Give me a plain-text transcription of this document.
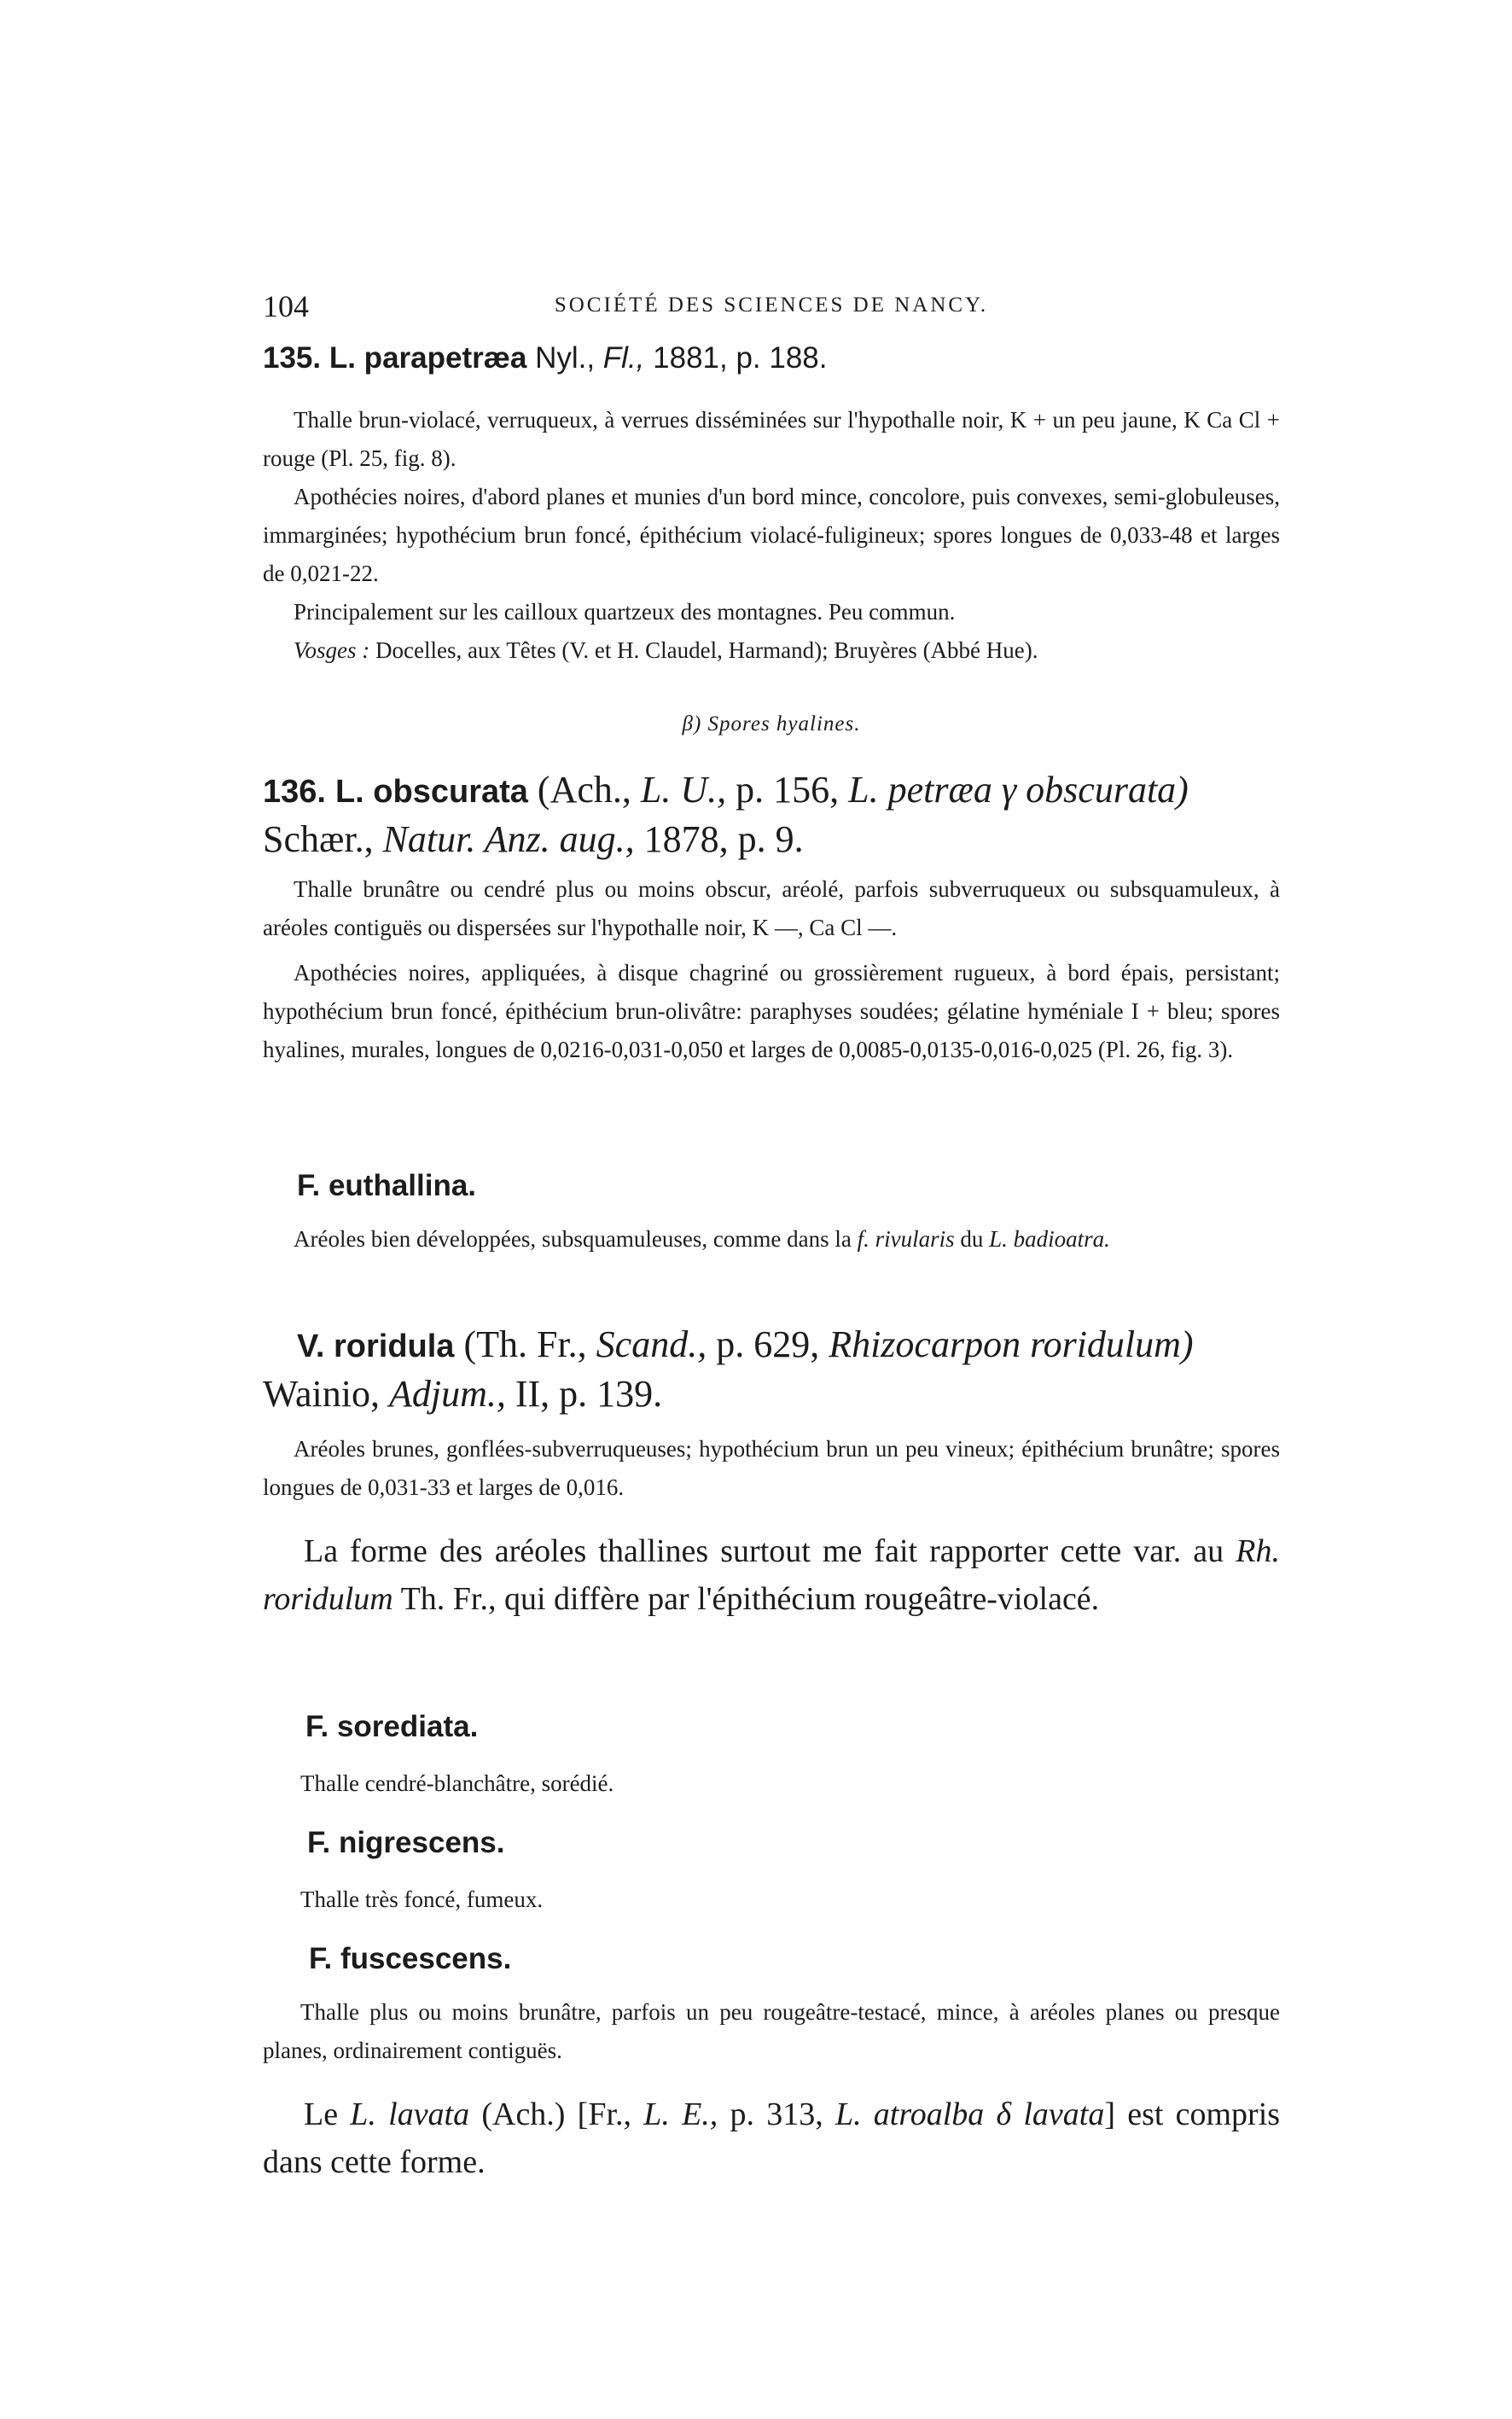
104	SOCIÉTÉ DES SCIENCES DE NANCY.
135. L. parapetræa Nyl., Fl., 1881, p. 188.

Thalle brun-violacé, verruqueux, à verrues disséminées sur l'hypothalle noir, K + un peu jaune, K Ca Cl + rouge (Pl. 25, fig. 8).

Apothécies noires, d'abord planes et munies d'un bord mince, concolore, puis convexes, semi-globuleuses, immarginées; hypothécium brun foncé, épithécium violacé-fuligineux; spores longues de 0,033-48 et larges de 0,021-22.

Principalement sur les cailloux quartzeux des montagnes. Peu commun.

Vosges : Docelles, aux Têtes (V. et H. Claudel, Harmand); Bruyères (Abbé Hue).

β) Spores hyalines.
136. L. obscurata (Ach., L. U., p. 156, L. petræa γ obscurata)
Schær., Natur. Anz. aug., 1878, p. 9.

Thalle brunâtre ou cendré plus ou moins obscur, aréolé, parfois subverruqueux ou subsquamuleux, à aréoles contiguës ou dispersées sur l'hypothalle noir, K —, Ca Cl —.

Apothécies noires, appliquées, à disque chagriné ou grossièrement rugueux, à bord épais, persistant; hypothécium brun foncé, épithécium brun-olivâtre: paraphyses soudées; gélatine hyméniale I + bleu; spores hyalines, murales, longues de 0,0216-0,031-0,050 et larges de 0,0085-0,0135-0,016-0,025 (Pl. 26, fig. 3).

F. euthallina.

Aréoles bien développées, subsquamuleuses, comme dans la f. rivularis du L. badioatra.

V. roridula (Th. Fr., Scand., p. 629, Rhizocarpon roridulum)
Wainio, Adjum., II, p. 139.

Aréoles brunes, gonflées-subverruqueuses; hypothécium brun un peu vineux; épithécium brunâtre; spores longues de 0,031-33 et larges de 0,016.

La forme des aréoles thallines surtout me fait rapporter cette var. au Rh. roridulum Th. Fr., qui diffère par l'épithécium rougeâtre-violacé.

F. sorediata.

Thalle cendré-blanchâtre, sorédié.

F. nigrescens.

Thalle très foncé, fumeux.

F. fuscescens.

Thalle plus ou moins brunâtre, parfois un peu rougeâtre-testacé, mince, à aréoles planes ou presque planes, ordinairement contiguës.

Le L. lavata (Ach.) [Fr., L. E., p. 313, L. atroalba δ lavata] est compris dans cette forme.
